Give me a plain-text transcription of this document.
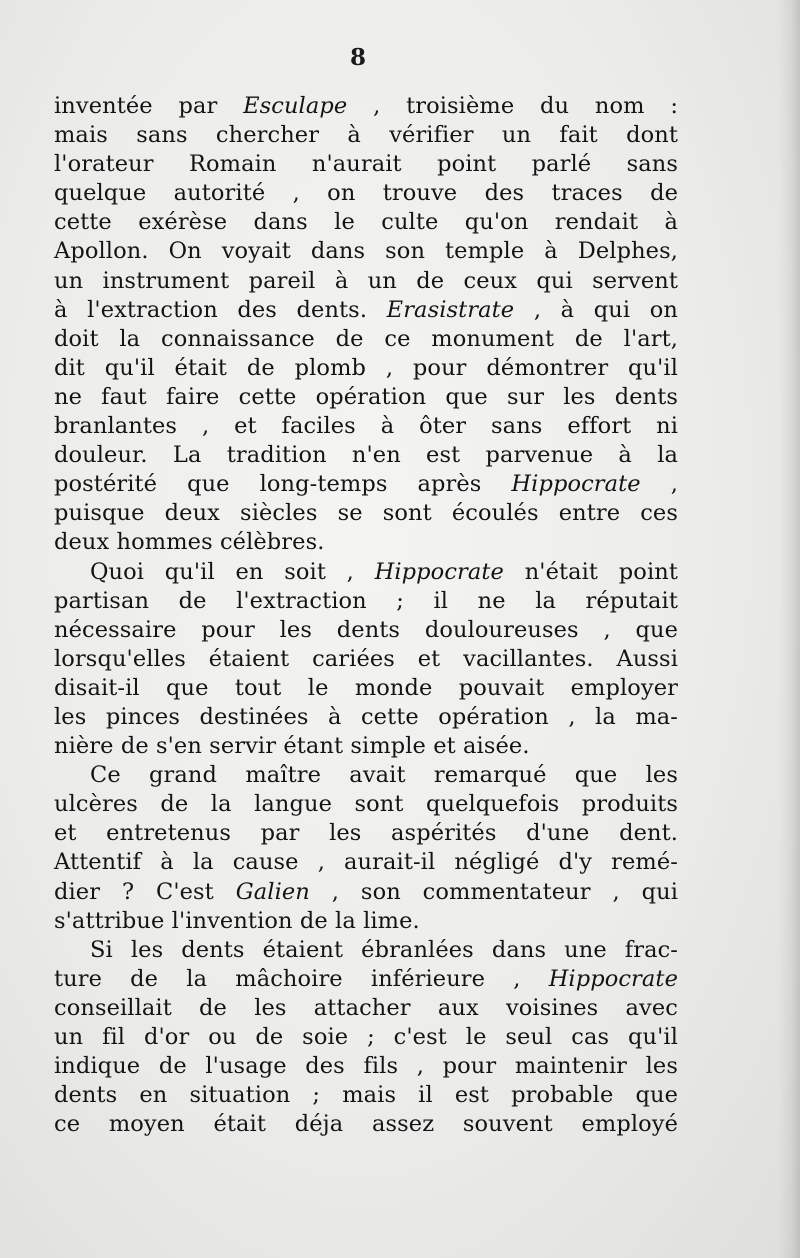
8
inventée par Esculape , troisième du nom :
mais sans chercher à vérifier un fait dont
l'orateur Romain n'aurait point parlé sans
quelque autorité , on trouve des traces de
cette exérèse dans le culte qu'on rendait à
Apollon. On voyait dans son temple à Delphes,
un instrument pareil à un de ceux qui servent
à l'extraction des dents. Erasistrate , à qui on
doit la connaissance de ce monument de l'art,
dit qu'il était de plomb , pour démontrer qu'il
ne faut faire cette opération que sur les dents
branlantes , et faciles à ôter sans effort ni
douleur. La tradition n'en est parvenue à la
postérité que long-temps après Hippocrate ,
puisque deux siècles se sont écoulés entre ces
deux hommes célèbres.
Quoi qu'il en soit , Hippocrate n'était point
partisan de l'extraction ; il ne la réputait
nécessaire pour les dents douloureuses , que
lorsqu'elles étaient cariées et vacillantes. Aussi
disait-il que tout le monde pouvait employer
les pinces destinées à cette opération , la ma-
nière de s'en servir étant simple et aisée.
Ce grand maître avait remarqué que les
ulcères de la langue sont quelquefois produits
et entretenus par les aspérités d'une dent.
Attentif à la cause , aurait-il négligé d'y remé-
dier ? C'est Galien , son commentateur , qui
s'attribue l'invention de la lime.
Si les dents étaient ébranlées dans une frac-
ture de la mâchoire inférieure , Hippocrate
conseillait de les attacher aux voisines avec
un fil d'or ou de soie ; c'est le seul cas qu'il
indique de l'usage des fils , pour maintenir les
dents en situation ; mais il est probable que
ce moyen était déja assez souvent employé
